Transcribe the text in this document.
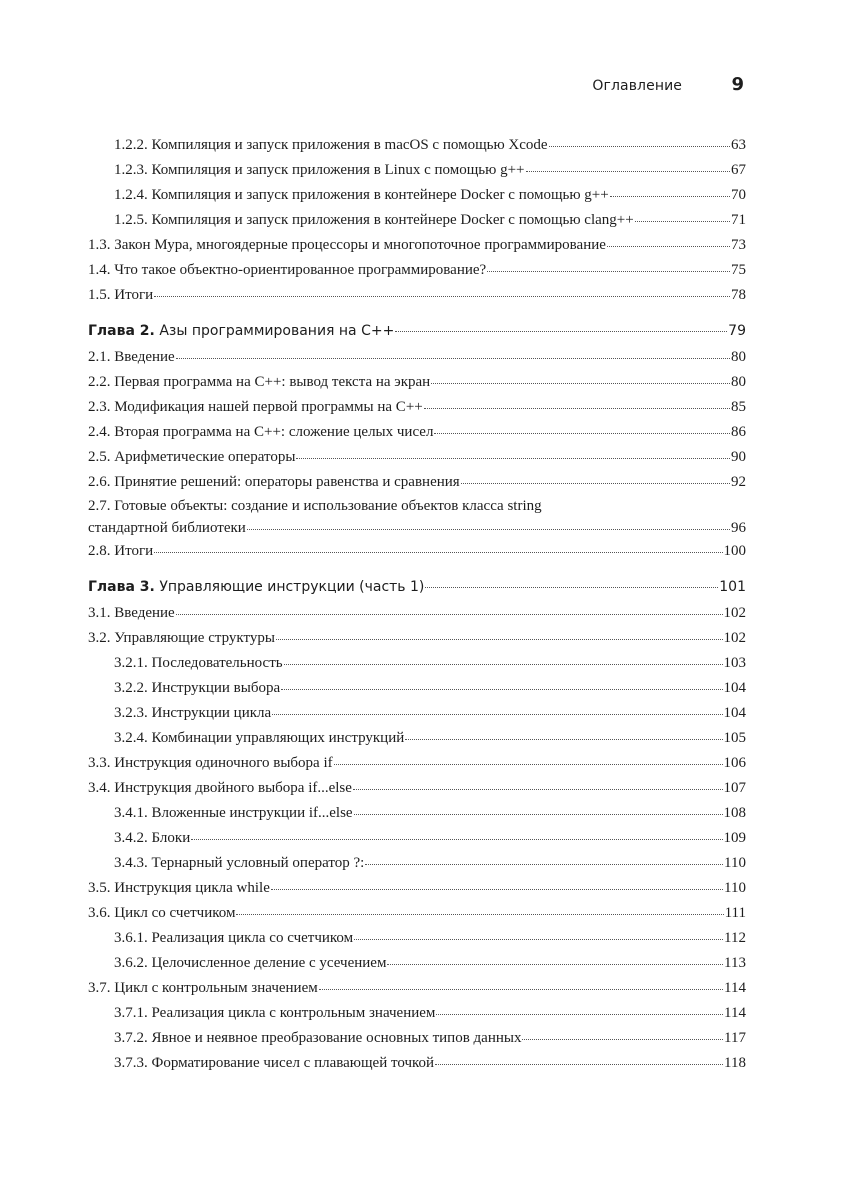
Оглавление	9
1.2.2. Компиляция и запуск приложения в macOS с помощью Xcode	63
1.2.3. Компиляция и запуск приложения в Linux с помощью g++	67
1.2.4. Компиляция и запуск приложения в контейнере Docker с помощью g++	70
1.2.5. Компиляция и запуск приложения в контейнере Docker с помощью clang++	71
1.3. Закон Мура, многоядерные процессоры и многопоточное программирование	73
1.4. Что такое объектно-ориентированное программирование?	75
1.5. Итоги	78
Глава 2. Азы программирования на C++	79
2.1. Введение	80
2.2. Первая программа на С++: вывод текста на экран	80
2.3. Модификация нашей первой программы на С++	85
2.4. Вторая программа на С++: сложение целых чисел	86
2.5. Арифметические операторы	90
2.6. Принятие решений: операторы равенства и сравнения	92
2.7. Готовые объекты: создание и использование объектов класса string
стандартной библиотеки	96
2.8. Итоги	100
Глава 3. Управляющие инструкции (часть 1)	101
3.1. Введение	102
3.2. Управляющие структуры	102
3.2.1. Последовательность	103
3.2.2. Инструкции выбора	104
3.2.3. Инструкции цикла	104
3.2.4. Комбинации управляющих инструкций	105
3.3. Инструкция одиночного выбора if	106
3.4. Инструкция двойного выбора if...else	107
3.4.1. Вложенные инструкции if...else	108
3.4.2. Блоки	109
3.4.3. Тернарный условный оператор ?:	110
3.5. Инструкция цикла while	110
3.6. Цикл со счетчиком	111
3.6.1. Реализация цикла со счетчиком	112
3.6.2. Целочисленное деление с усечением	113
3.7. Цикл с контрольным значением	114
3.7.1. Реализация цикла с контрольным значением	114
3.7.2. Явное и неявное преобразование основных типов данных	117
3.7.3. Форматирование чисел с плавающей точкой	118
